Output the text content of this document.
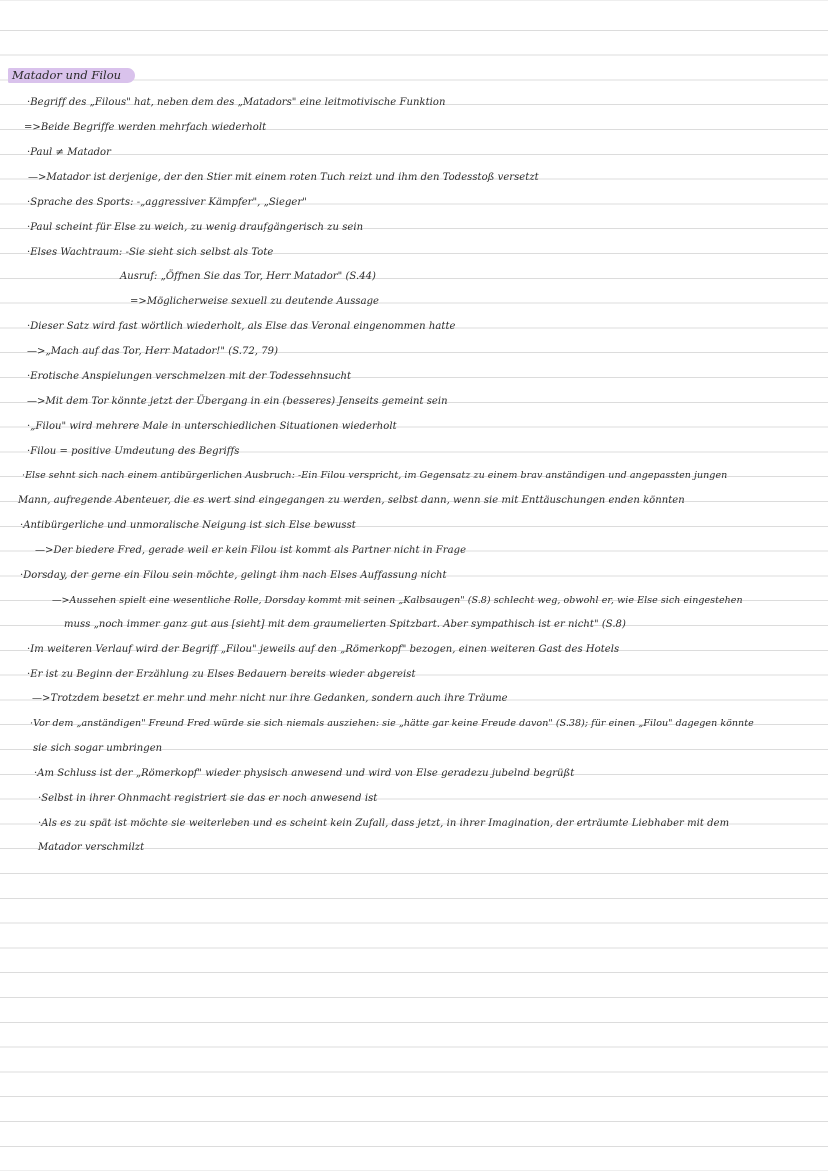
Matador und Filou
·Begriff des „Filous" hat, neben dem des „Matadors" eine leitmotivische Funktion
=>Beide Begriffe werden mehrfach wiederholt
·Paul ≠ Matador
—>Matador ist derjenige, der den Stier mit einem roten Tuch reizt und ihm den Todesstoß versetzt
·Sprache des Sports: -„aggressiver Kämpfer", „Sieger"
·Paul scheint für Else zu weich, zu wenig draufgängerisch zu sein
·Elses Wachtraum: -Sie sieht sich selbst als Tote
Ausruf: „Öffnen Sie das Tor, Herr Matador" (S.44)
=>Möglicherweise sexuell zu deutende Aussage
·Dieser Satz wird fast wörtlich wiederholt, als Else das Veronal eingenommen hatte
—>„Mach auf das Tor, Herr Matador!" (S.72, 79)
·Erotische Anspielungen verschmelzen mit der Todessehnsucht
—>Mit dem Tor könnte jetzt der Übergang in ein (besseres) Jenseits gemeint sein
·„Filou" wird mehrere Male in unterschiedlichen Situationen wiederholt
·Filou = positive Umdeutung des Begriffs
·Else sehnt sich nach einem antibürgerlichen Ausbruch: -Ein Filou verspricht, im Gegensatz zu einem brav anständigen und angepassten jungen
Mann, aufregende Abenteuer, die es wert sind eingegangen zu werden, selbst dann, wenn sie mit Enttäuschungen enden könnten
·Antibürgerliche und unmoralische Neigung ist sich Else bewusst
—>Der biedere Fred, gerade weil er kein Filou ist kommt als Partner nicht in Frage
·Dorsday, der gerne ein Filou sein möchte, gelingt ihm nach Elses Auffassung nicht
—>Aussehen spielt eine wesentliche Rolle, Dorsday kommt mit seinen „Kalbsaugen" (S.8) schlecht weg, obwohl er, wie Else sich eingestehen
muss „noch immer ganz gut aus [sieht] mit dem graumelierten Spitzbart. Aber sympathisch ist er nicht" (S.8)
·Im weiteren Verlauf wird der Begriff „Filou" jeweils auf den „Römerkopf" bezogen, einen weiteren Gast des Hotels
·Er ist zu Beginn der Erzählung zu Elses Bedauern bereits wieder abgereist
—>Trotzdem besetzt er mehr und mehr nicht nur ihre Gedanken, sondern auch ihre Träume
·Vor dem „anständigen" Freund Fred würde sie sich niemals ausziehen: sie „hätte gar keine Freude davon" (S.38); für einen „Filou" dagegen könnte
sie sich sogar umbringen
·Am Schluss ist der „Römerkopf" wieder physisch anwesend und wird von Else geradezu jubelnd begrüßt
·Selbst in ihrer Ohnmacht registriert sie das er noch anwesend ist
·Als es zu spät ist möchte sie weiterleben und es scheint kein Zufall, dass jetzt, in ihrer Imagination, der erträumte Liebhaber mit dem
Matador verschmilzt
